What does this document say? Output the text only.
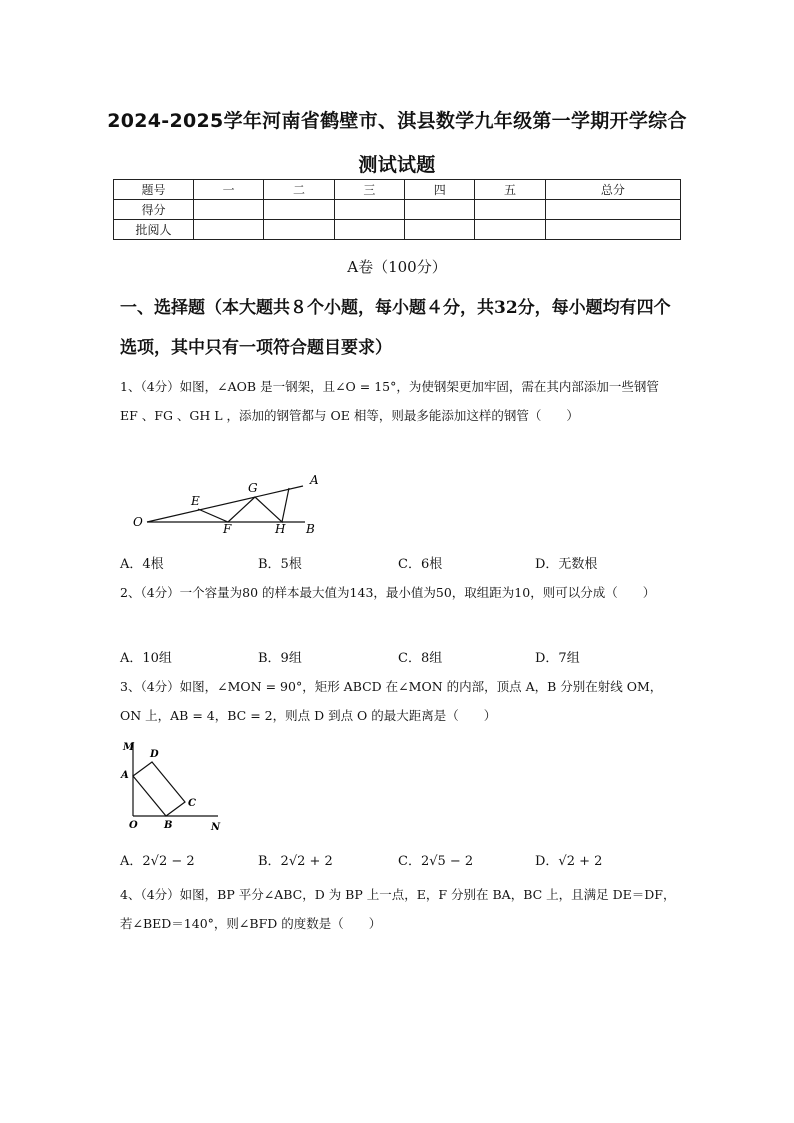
2024-2025学年河南省鹤壁市、淇县数学九年级第一学期开学综合
测试试题
题号	一	二	三	四	五	总分
得分						
批阅人						
A卷（100分）
一、选择题（本大题共８个小题，每小题４分，共32分，每小题均有四个选项，其中只有一项符合题目要求）
1、（4分）如图，∠AOB 是一钢架，且∠O = 15°，为使钢架更加牢固，需在其内部添加一些钢管 EF 、FG 、GH L ，添加的钢管都与 OE 相等，则最多能添加这样的钢管（　　）
O
E
G
A
F	H B
A．4根	B．5根	C．6根	D．无数根
2、（4分）一个容量为80 的样本最大值为143，最小值为50，取组距为10，则可以分成（　　）
A．10组	B．9组	C．8组	D．7组
3、（4分）如图，∠MON = 90°，矩形 ABCD 在∠MON 的内部，顶点 A，B 分别在射线 OM，ON 上，AB = 4，BC = 2，则点 D 到点 O 的最大距离是（　　）
M
D
A
C
O	B	N
A．2√2 − 2	B．2√2 + 2	C．2√5 − 2	D．√2 + 2
4、（4分）如图，BP 平分∠ABC，D 为 BP 上一点，E，F 分别在 BA，BC 上，且满足 DE＝DF，若∠BED＝140°，则∠BFD 的度数是（　　）
